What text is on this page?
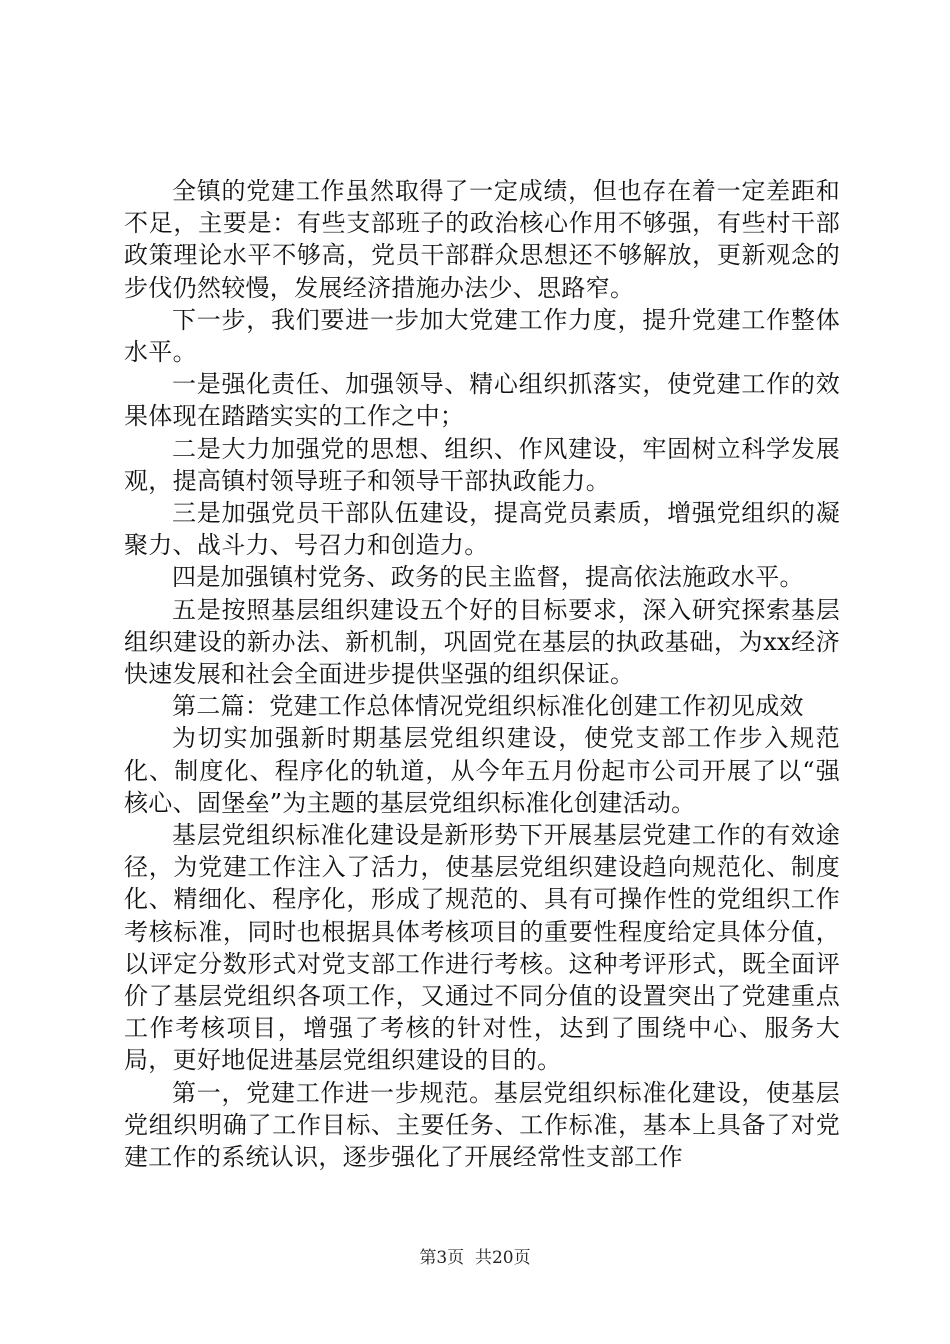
全镇的党建工作虽然取得了一定成绩，但也存在着一定差距和不足，主要是：有些支部班子的政治核心作用不够强，有些村干部政策理论水平不够高，党员干部群众思想还不够解放，更新观念的步伐仍然较慢，发展经济措施办法少、思路窄。

下一步，我们要进一步加大党建工作力度，提升党建工作整体水平。

一是强化责任、加强领导、精心组织抓落实，使党建工作的效果体现在踏踏实实的工作之中；

二是大力加强党的思想、组织、作风建设，牢固树立科学发展观，提高镇村领导班子和领导干部执政能力。

三是加强党员干部队伍建设，提高党员素质，增强党组织的凝聚力、战斗力、号召力和创造力。

四是加强镇村党务、政务的民主监督，提高依法施政水平。

五是按照基层组织建设五个好的目标要求，深入研究探索基层组织建设的新办法、新机制，巩固党在基层的执政基础，为xx经济快速发展和社会全面进步提供坚强的组织保证。

第二篇：党建工作总体情况党组织标准化创建工作初见成效

为切实加强新时期基层党组织建设，使党支部工作步入规范化、制度化、程序化的轨道，从今年五月份起市公司开展了以“强核心、固堡垒”为主题的基层党组织标准化创建活动。

基层党组织标准化建设是新形势下开展基层党建工作的有效途径，为党建工作注入了活力，使基层党组织建设趋向规范化、制度化、精细化、程序化，形成了规范的、具有可操作性的党组织工作考核标准，同时也根据具体考核项目的重要性程度给定具体分值，以评定分数形式对党支部工作进行考核。这种考评形式，既全面评价了基层党组织各项工作，又通过不同分值的设置突出了党建重点工作考核项目，增强了考核的针对性，达到了围绕中心、服务大局，更好地促进基层党组织建设的目的。

第一，党建工作进一步规范。基层党组织标准化建设，使基层党组织明确了工作目标、主要任务、工作标准，基本上具备了对党建工作的系统认识，逐步强化了开展经常性支部工作

第3页  共20页
